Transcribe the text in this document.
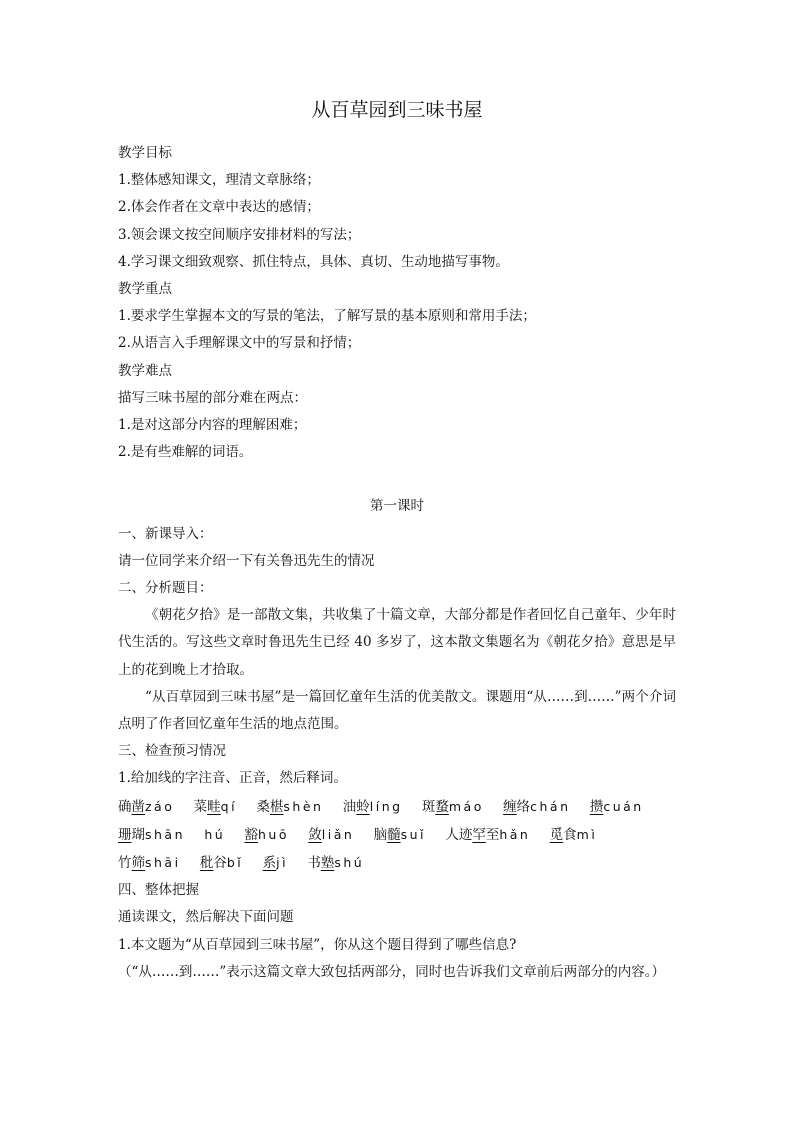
从百草园到三味书屋
教学目标
1.整体感知课文，理清文章脉络；
2.体会作者在文章中表达的感情；
3.领会课文按空间顺序安排材料的写法；
4.学习课文细致观察、抓住特点，具体、真切、生动地描写事物。
教学重点
1.要求学生掌握本文的写景的笔法，了解写景的基本原则和常用手法；
2.从语言入手理解课文中的写景和抒情；
教学难点
描写三味书屋的部分难在两点：
1.是对这部分内容的理解困难；
2.是有些难解的词语。
第一课时
一、新课导入：
请一位同学来介绍一下有关鲁迅先生的情况
二、分析题目：
《朝花夕拾》是一部散文集，共收集了十篇文章，大部分都是作者回忆自己童年、少年时代生活的。写这些文章时鲁迅先生已经 40 多岁了，这本散文集题名为《朝花夕拾》意思是早上的花到晚上才拾取。
“从百草园到三味书屋”是一篇回忆童年生活的优美散文。课题用“从……到……”两个介词点明了作者回忆童年生活的地点范围。
三、检查预习情况
1.给加线的字注音、正音，然后释词。
确凿záo 菜畦qí 桑椹shèn 油蛉líng 斑蝥máo 缠络chán 攒cuán
珊瑚shān hú 豁huō 敛liǎn 脑髓suǐ 人迹罕至hǎn 觅食mì
竹筛shāi 秕谷bǐ 系jì 书塾shú
四、整体把握
通读课文，然后解决下面问题
1.本文题为“从百草园到三味书屋”，你从这个题目得到了哪些信息?
（“从……到……”表示这篇文章大致包括两部分，同时也告诉我们文章前后两部分的内容。）
